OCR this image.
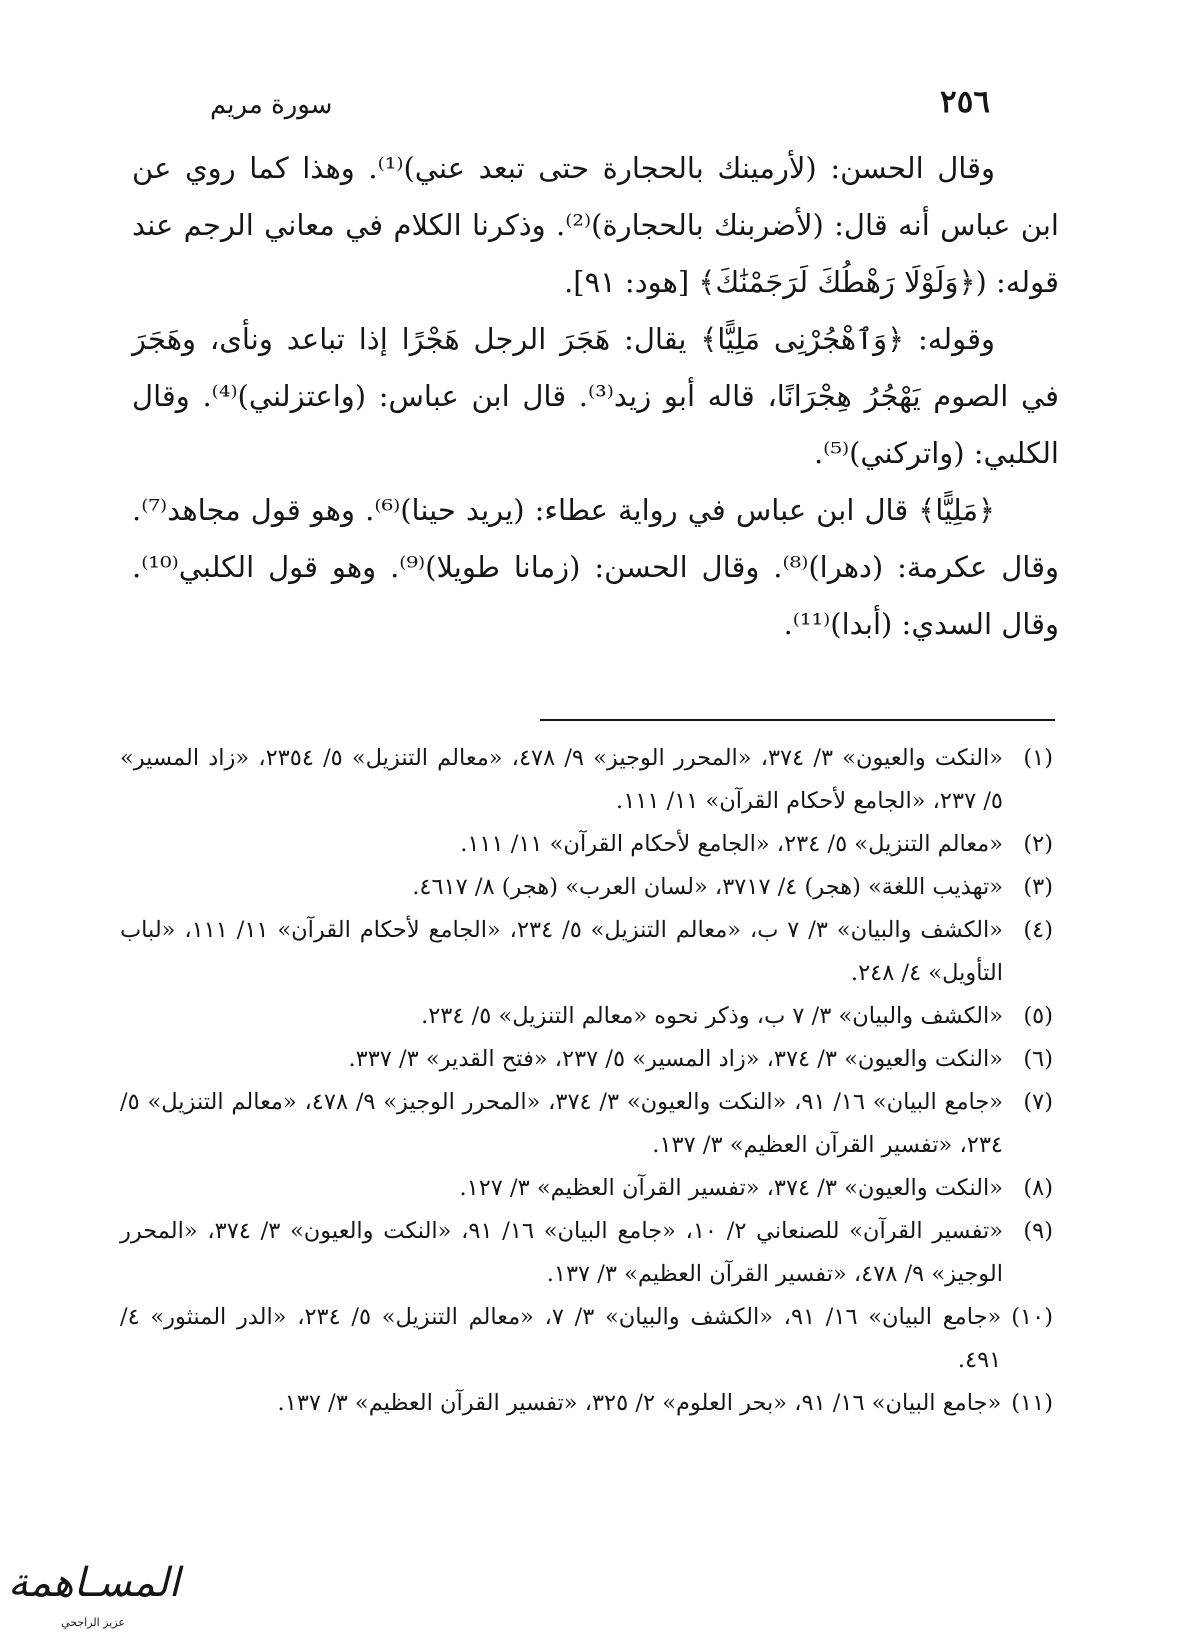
٢٥٦
سورة مريم

وقال الحسن: (لأرمينك بالحجارة حتى تبعد عني)⁽¹⁾. وهذا كما روي عن ابن عباس أنه قال: (لأضربنك بالحجارة)⁽²⁾. وذكرنا الكلام في معاني الرجم عند قوله: (﴿وَلَوْلَا رَهْطُكَ لَرَجَمْنَٰكَ﴾ [هود: ٩١].

وقوله: ﴿وَٱهْجُرْنِى مَلِيًّا﴾ يقال: هَجَرَ الرجل هَجْرًا إذا تباعد ونأى، وهَجَرَ في الصوم يَهْجُرُ هِجْرَانًا، قاله أبو زيد⁽³⁾. قال ابن عباس: (واعتزلني)⁽⁴⁾. وقال الكلبي: (واتركني)⁽⁵⁾.

﴿مَلِيًّا﴾ قال ابن عباس في رواية عطاء: (يريد حينا)⁽⁶⁾. وهو قول مجاهد⁽⁷⁾. وقال عكرمة: (دهرا)⁽⁸⁾. وقال الحسن: (زمانا طويلا)⁽⁹⁾. وهو قول الكلبي⁽¹⁰⁾. وقال السدي: (أبدا)⁽¹¹⁾.

(١)
«النكت والعيون» ٣/ ٣٧٤، «المحرر الوجيز» ٩/ ٤٧٨، «معالم التنزيل» ٥/ ٢٣٥٤، «زاد المسير» ٥/ ٢٣٧، «الجامع لأحكام القرآن» ١١/ ١١١.
(٢)
«معالم التنزيل» ٥/ ٢٣٤، «الجامع لأحكام القرآن» ١١/ ١١١.
(٣)
«تهذيب اللغة» (هجر) ٤/ ٣٧١٧، «لسان العرب» (هجر) ٨/ ٤٦١٧.
(٤)
«الكشف والبيان» ٣/ ٧ ب، «معالم التنزيل» ٥/ ٢٣٤، «الجامع لأحكام القرآن» ١١/ ١١١، «لباب التأويل» ٤/ ٢٤٨.
(٥)
«الكشف والبيان» ٣/ ٧ ب، وذكر نحوه «معالم التنزيل» ٥/ ٢٣٤.
(٦)
«النكت والعيون» ٣/ ٣٧٤، «زاد المسير» ٥/ ٢٣٧، «فتح القدير» ٣/ ٣٣٧.
(٧)
«جامع البيان» ١٦/ ٩١، «النكت والعيون» ٣/ ٣٧٤، «المحرر الوجيز» ٩/ ٤٧٨، «معالم التنزيل» ٥/ ٢٣٤، «تفسير القرآن العظيم» ٣/ ١٣٧.
(٨)
«النكت والعيون» ٣/ ٣٧٤، «تفسير القرآن العظيم» ٣/ ١٢٧.
(٩)
«تفسير القرآن» للصنعاني ٢/ ١٠، «جامع البيان» ١٦/ ٩١، «النكت والعيون» ٣/ ٣٧٤، «المحرر الوجيز» ٩/ ٤٧٨، «تفسير القرآن العظيم» ٣/ ١٣٧.
(١٠)
«جامع البيان» ١٦/ ٩١، «الكشف والبيان» ٣/ ٧، «معالم التنزيل» ٥/ ٢٣٤، «الدر المنثور» ٤/ ٤٩١.
(١١)
«جامع البيان» ١٦/ ٩١، «بحر العلوم» ٢/ ٣٢٥، «تفسير القرآن العظيم» ٣/ ١٣٧.
المسـاهمة
عزيز الراجحي
